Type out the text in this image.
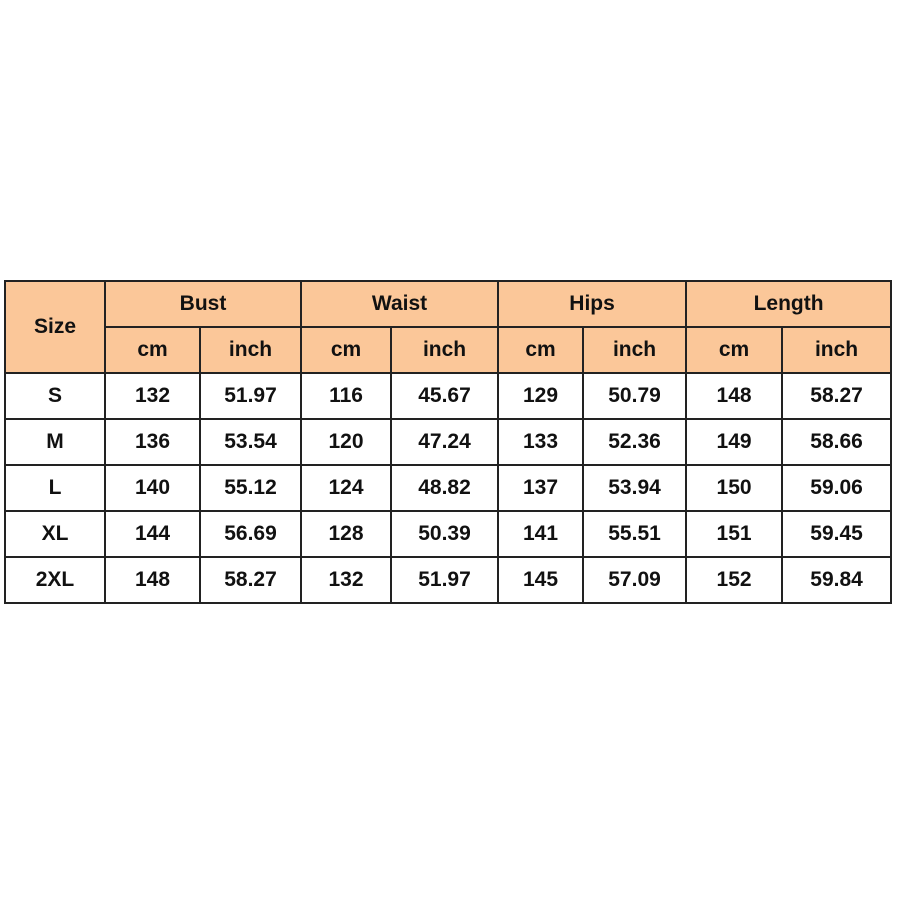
Size	Bust		Waist		Hips		Length	
	cm	inch	cm	inch	cm	inch	cm	inch
S	132	51.97	116	45.67	129	50.79	148	58.27
M	136	53.54	120	47.24	133	52.36	149	58.66
L	140	55.12	124	48.82	137	53.94	150	59.06
XL	144	56.69	128	50.39	141	55.51	151	59.45
2XL	148	58.27	132	51.97	145	57.09	152	59.84
